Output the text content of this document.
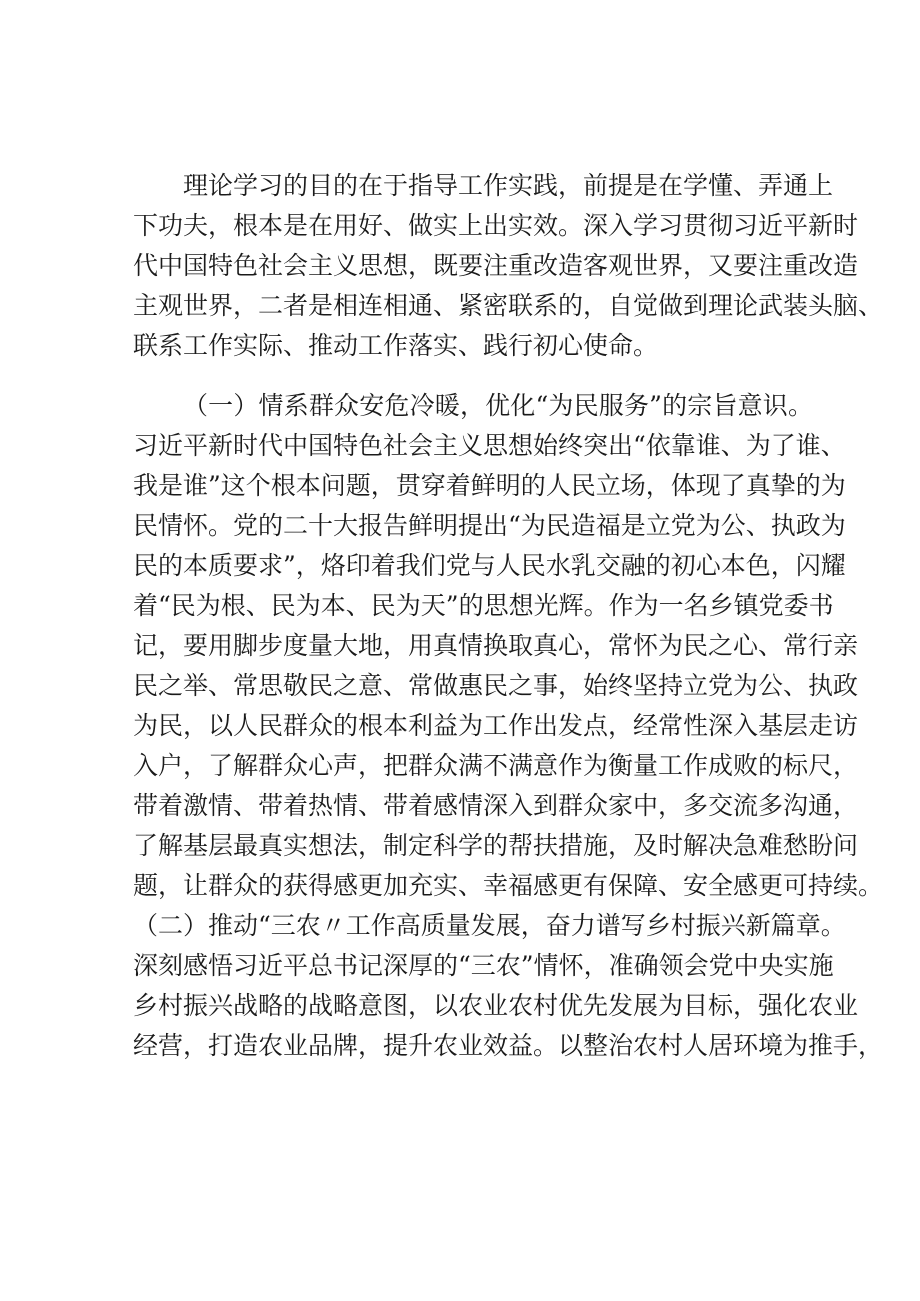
理论学习的目的在于指导工作实践，前提是在学懂、弄通上
下功夫，根本是在用好、做实上出实效。深入学习贯彻习近平新时
代中国特色社会主义思想，既要注重改造客观世界，又要注重改造
主观世界，二者是相连相通、紧密联系的，自觉做到理论武装头脑、
联系工作实际、推动工作落实、践行初心使命。
（一）情系群众安危冷暖，优化“为民服务”的宗旨意识。
习近平新时代中国特色社会主义思想始终突出“依靠谁、为了谁、
我是谁”这个根本问题，贯穿着鲜明的人民立场，体现了真挚的为
民情怀。党的二十大报告鲜明提出“为民造福是立党为公、执政为
民的本质要求”，烙印着我们党与人民水乳交融的初心本色，闪耀
着“民为根、民为本、民为天”的思想光辉。作为一名乡镇党委书
记，要用脚步度量大地，用真情换取真心，常怀为民之心、常行亲
民之举、常思敬民之意、常做惠民之事，始终坚持立党为公、执政
为民，以人民群众的根本利益为工作出发点，经常性深入基层走访
入户，了解群众心声，把群众满不满意作为衡量工作成败的标尺，
带着激情、带着热情、带着感情深入到群众家中，多交流多沟通，
了解基层最真实想法，制定科学的帮扶措施，及时解决急难愁盼问
题，让群众的获得感更加充实、幸福感更有保障、安全感更可持续。
（二）推动“三农〃工作高质量发展，奋力谱写乡村振兴新篇章。
深刻感悟习近平总书记深厚的“三农”情怀，准确领会党中央实施
乡村振兴战略的战略意图，以农业农村优先发展为目标，强化农业
经营，打造农业品牌，提升农业效益。以整治农村人居环境为推手，
